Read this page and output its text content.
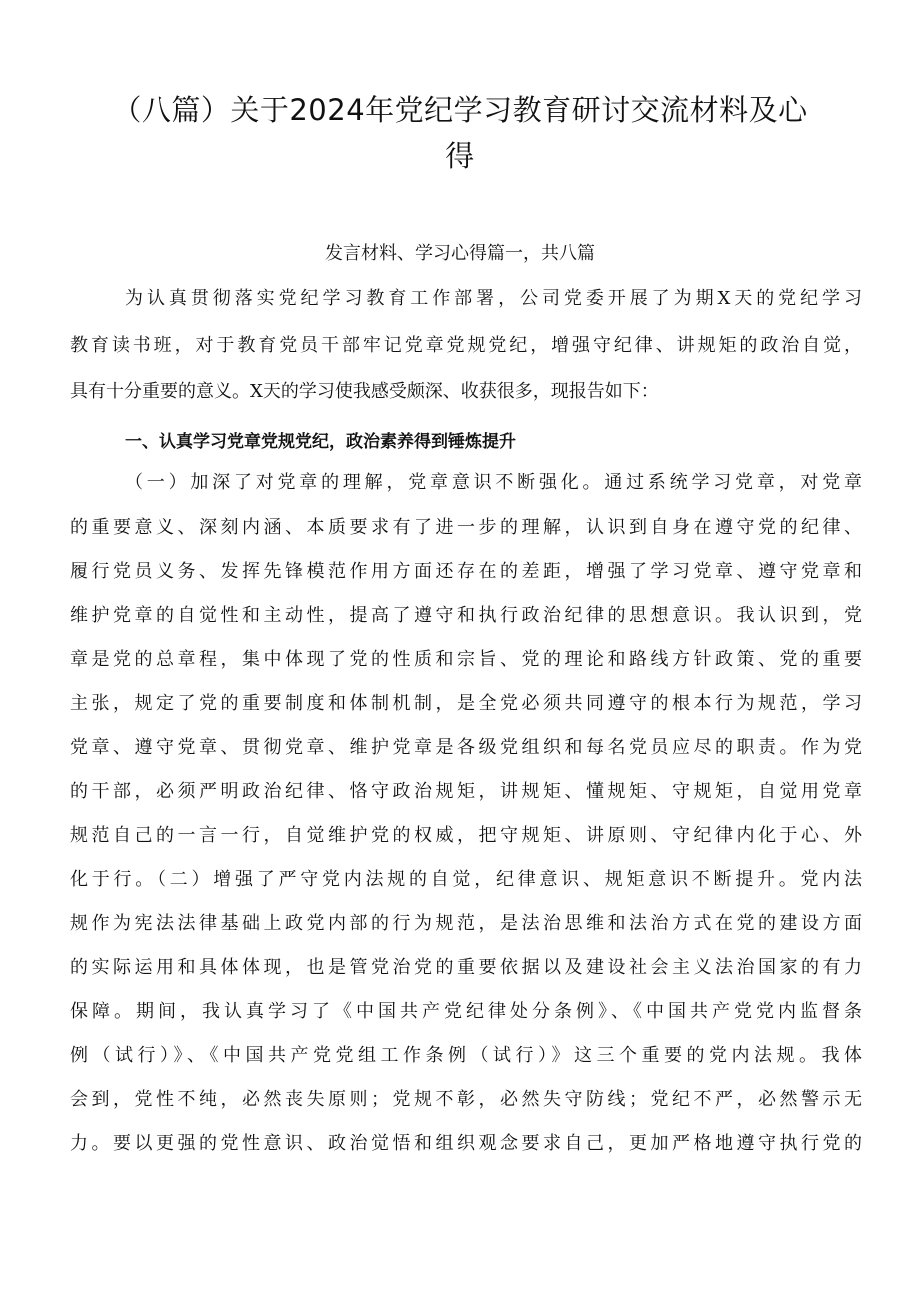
（八篇）关于2024年党纪学习教育研讨交流材料及心
得
发言材料、学习心得篇一，共八篇
为认真贯彻落实党纪学习教育工作部署，公司党委开展了为期X天的党纪学习
教育读书班，对于教育党员干部牢记党章党规党纪，增强守纪律、讲规矩的政治自觉，
具有十分重要的意义。X天的学习使我感受颇深、收获很多，现报告如下：
一、认真学习党章党规党纪，政治素养得到锤炼提升
（一）加深了对党章的理解，党章意识不断强化。通过系统学习党章，对党章
的重要意义、深刻内涵、本质要求有了进一步的理解，认识到自身在遵守党的纪律、
履行党员义务、发挥先锋模范作用方面还存在的差距，增强了学习党章、遵守党章和
维护党章的自觉性和主动性，提高了遵守和执行政治纪律的思想意识。我认识到，党
章是党的总章程，集中体现了党的性质和宗旨、党的理论和路线方针政策、党的重要
主张，规定了党的重要制度和体制机制，是全党必须共同遵守的根本行为规范，学习
党章、遵守党章、贯彻党章、维护党章是各级党组织和每名党员应尽的职责。作为党
的干部，必须严明政治纪律、恪守政治规矩，讲规矩、懂规矩、守规矩，自觉用党章
规范自己的一言一行，自觉维护党的权威，把守规矩、讲原则、守纪律内化于心、外
化于行。（二）增强了严守党内法规的自觉，纪律意识、规矩意识不断提升。党内法
规作为宪法法律基础上政党内部的行为规范，是法治思维和法治方式在党的建设方面
的实际运用和具体体现，也是管党治党的重要依据以及建设社会主义法治国家的有力
保障。期间，我认真学习了《中国共产党纪律处分条例》、《中国共产党党内监督条
例（试行）》、《中国共产党党组工作条例（试行）》这三个重要的党内法规。我体
会到，党性不纯，必然丧失原则；党规不彰，必然失守防线；党纪不严，必然警示无
力。要以更强的党性意识、政治觉悟和组织观念要求自己，更加严格地遵守执行党的
